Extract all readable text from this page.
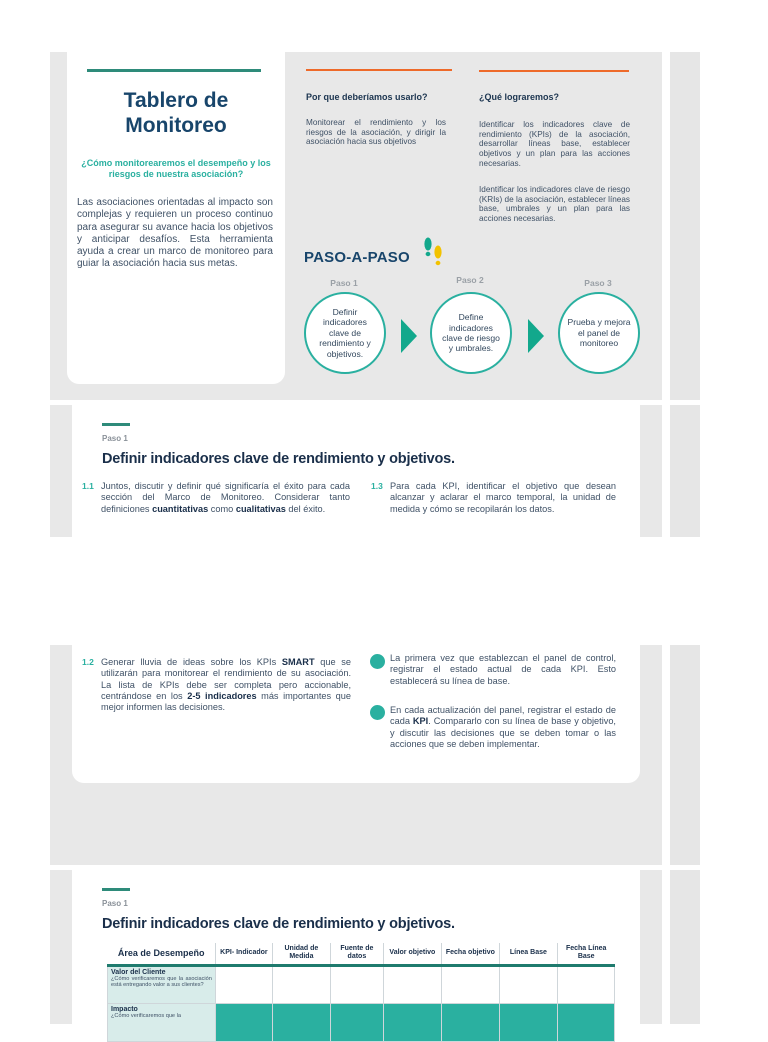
Tablero de
Monitoreo
¿Cómo monitorearemos el desempeño y los riesgos de nuestra asociación?
Las asociaciones orientadas al impacto son complejas y requieren un proceso continuo para asegurar su avance hacia los objetivos y anticipar desafíos. Esta herramienta ayuda a crear un marco de monitoreo para guiar la asociación hacia sus metas.
Por que deberíamos usarlo?	¿Qué lograremos?
Monitorear el rendimiento y los riesgos de la asociación, y dirigir la asociación hacia sus objetivos
Identificar los indicadores clave de rendimiento (KPIs) de la asociación, desarrollar líneas base, establecer objetivos y un plan para las acciones necesarias.
Identificar los indicadores clave de riesgo (KRIs) de la asociación, establecer líneas base, umbrales y un plan para las acciones necesarias.
PASO-A-PASO
Paso 1	Paso 2	Paso 3
Definir indicadores clave de rendimiento y objetivos.
Define indicadores clave de riesgo y umbrales.
Prueba y mejora el panel de monitoreo
Paso 1
Definir indicadores clave de rendimiento y objetivos.
1.1 Juntos, discutir y definir qué significaría el éxito para cada sección del Marco de Monitoreo. Considerar tanto definiciones cuantitativas como cualitativas del éxito.
1.3 Para cada KPI, identificar el objetivo que desean alcanzar y aclarar el marco temporal, la unidad de medida y cómo se recopilarán los datos.
1.2 Generar lluvia de ideas sobre los KPIs SMART que se utilizarán para monitorear el rendimiento de su asociación. La lista de KPIs debe ser completa pero accionable, centrándose en los 2-5 indicadores más importantes que mejor informen las decisiones.
La primera vez que establezcan el panel de control, registrar el estado actual de cada KPI. Esto establecerá su línea de base.
En cada actualización del panel, registrar el estado de cada KPI. Compararlo con su línea de base y objetivo, y discutir las decisiones que se deben tomar o las acciones que se deben implementar.
Paso 1
Definir indicadores clave de rendimiento y objetivos.
Área de Desempeño	KPI- Indicador	Unidad de Medida	Fuente de datos	Valor objetivo	Fecha objetivo	Línea Base	Fecha Línea Base

Valor del Cliente
¿Cómo verificaremos que la asociación está entregando valor a sus clientes?							

Impacto
¿Cómo verificaremos que la							
